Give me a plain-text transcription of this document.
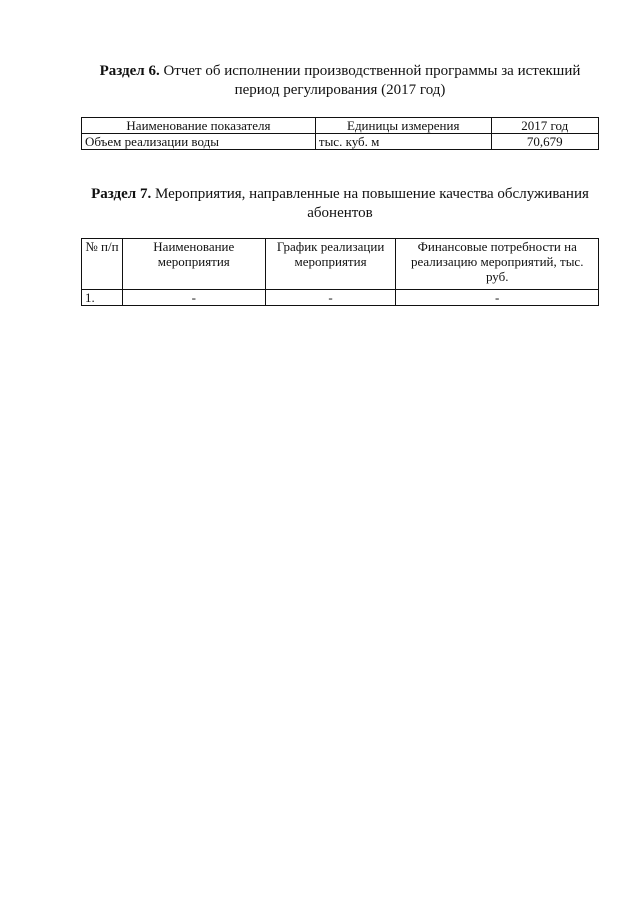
Раздел 6. Отчет об исполнении производственной программы за истекший период регулирования (2017 год)
Наименование показателя	Единицы измерения	2017 год
Объем реализации воды	тыс. куб. м	70,679
Раздел 7. Мероприятия, направленные на повышение качества обслуживания абонентов
№ п/п	Наименование мероприятия	График реализации мероприятия	Финансовые потребности на реализацию мероприятий, тыс. руб.
1.	-	-	-
